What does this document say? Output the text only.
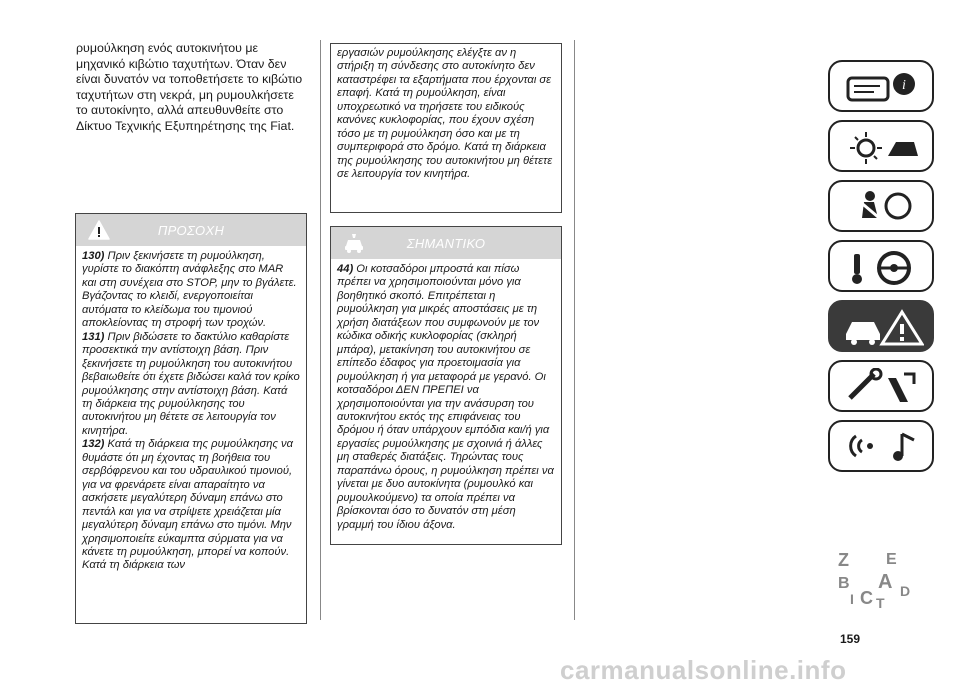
ρυμούλκηση ενός αυτοκινήτου με μηχανικό κιβώτιο ταχυτήτων. Όταν δεν είναι δυνατόν να τοποθετήσετε το κιβώτιο ταχυτήτων στη νεκρά, μη ρυμουλκήσετε το αυτοκίνητο, αλλά απευθυνθείτε στο Δίκτυο Τεχνικής Εξυπηρέτησης της Fiat.
ΠΡΟΣΟΧΗ
130) Πριν ξεκινήσετε τη ρυμούλκηση, γυρίστε το διακόπτη ανάφλεξης στο MAR και στη συνέχεια στο STOP, μην το βγάλετε. Βγάζοντας το κλειδί, ενεργοποιείται αυτόματα το κλείδωμα του τιμονιού αποκλείοντας τη στροφή των τροχών.
131) Πριν βιδώσετε το δακτύλιο καθαρίστε προσεκτικά την αντίστοιχη βάση. Πριν ξεκινήσετε τη ρυμούλκηση του αυτοκινήτου βεβαιωθείτε ότι έχετε βιδώσει καλά τον κρίκο ρυμούλκησης στην αντίστοιχη βάση. Κατά τη διάρκεια της ρυμούλκησης του αυτοκινήτου μη θέτετε σε λειτουργία τον κινητήρα.
132) Κατά τη διάρκεια της ρυμούλκησης να θυμάστε ότι μη έχοντας τη βοήθεια του σερβόφρενου και του υδραυλικού τιμονιού, για να φρενάρετε είναι απαραίτητο να ασκήσετε μεγαλύτερη δύναμη επάνω στο πεντάλ και για να στρίψετε χρειάζεται μία μεγαλύτερη δύναμη επάνω στο τιμόνι. Μην χρησιμοποιείτε εύκαμπτα σύρματα για να κάνετε τη ρυμούλκηση, μπορεί να κοπούν. Κατά τη διάρκεια των
εργασιών ρυμούλκησης ελέγξτε αν η στήριξη τη σύνδεσης στο αυτοκίνητο δεν καταστρέφει τα εξαρτήματα που έρχονται σε επαφή. Κατά τη ρυμούλκηση, είναι υποχρεωτικό να τηρήσετε του ειδικούς κανόνες κυκλοφορίας, που έχουν σχέση τόσο με τη ρυμούλκηση όσο και με τη συμπεριφορά στο δρόμο. Κατά τη διάρκεια της ρυμούλκησης του αυτοκινήτου μη θέτετε σε λειτουργία τον κινητήρα.
ΣΗΜΑΝΤΙΚΟ
44) Οι κοτσαδόροι μπροστά και πίσω πρέπει να χρησιμοποιούνται μόνο για βοηθητικό σκοπό. Επιτρέπεται η ρυμούλκηση για μικρές αποστάσεις με τη χρήση διατάξεων που συμφωνούν με τον κώδικα οδικής κυκλοφορίας (σκληρή μπάρα), μετακίνηση του αυτοκινήτου σε επίπεδο έδαφος για προετοιμασία για ρυμούλκηση ή για μεταφορά με γερανό. Οι κοτσαδόροι ΔΕΝ ΠΡΕΠΕΙ να χρησιμοποιούνται για την ανάσυρση του αυτοκινήτου εκτός της επιφάνειας του δρόμου ή όταν υπάρχουν εμπόδια και/ή για εργασίες ρυμούλκησης με σχοινιά ή άλλες μη σταθερές διατάξεις. Τηρώντας τους παραπάνω όρους, η ρυμούλκηση πρέπει να γίνεται με δυο αυτοκίνητα (ρυμουλκό και ρυμουλκούμενο) τα οποία πρέπει να βρίσκονται όσο το δυνατόν στη μέση γραμμή του ίδιου άξονα.
i
Z E
B A
I C T
D
159
carmanualsonline.info
